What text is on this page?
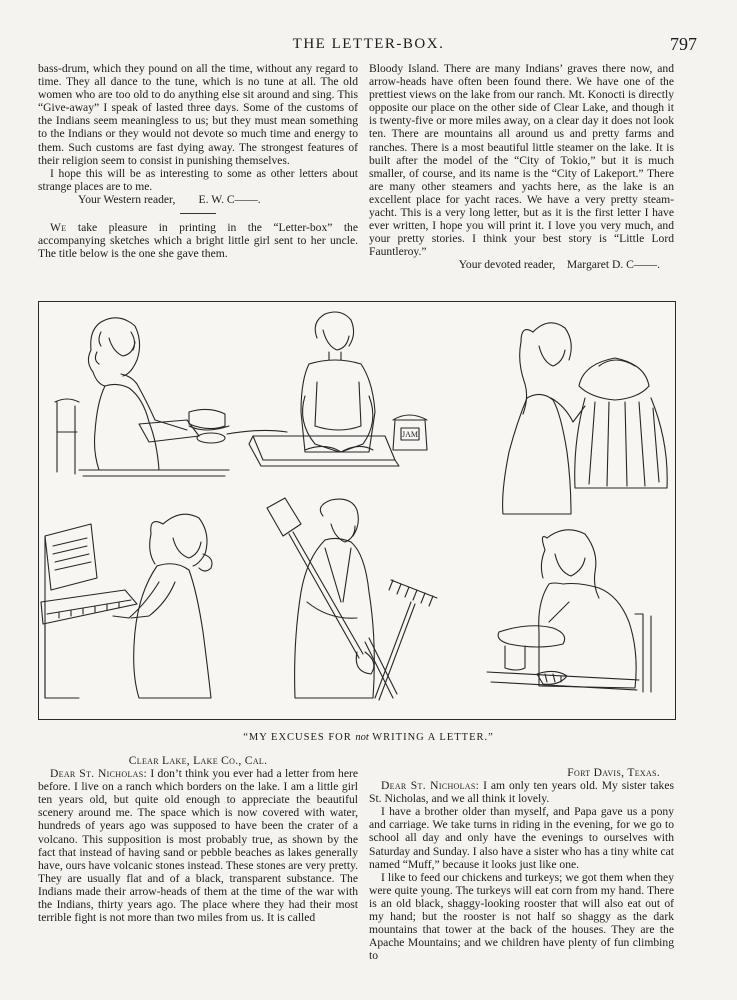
THE LETTER-BOX.	797

bass-drum, which they pound on all the time, without any regard to time. They all dance to the tune, which is no tune at all. The old women who are too old to do anything else sit around and sing. This “Give-away” I speak of lasted three days. Some of the customs of the Indians seem meaningless to us; but they must mean something to the Indians or they would not devote so much time and energy to them. Such customs are fast dying away. The strongest features of their religion seem to consist in punishing themselves.

I hope this will be as interesting to some as other letters about strange places are to me.

Your Western reader,  E. W. C——.

We take pleasure in printing in the “Letter-box” the accompanying sketches which a bright little girl sent to her uncle. The title below is the one she gave them.

Bloody Island. There are many Indians’ graves there now, and arrow-heads have often been found there. We have one of the prettiest views on the lake from our ranch. Mt. Konocti is directly opposite our place on the other side of Clear Lake, and though it is twenty-five or more miles away, on a clear day it does not look ten. There are mountains all around us and pretty farms and ranches. There is a most beautiful little steamer on the lake. It is built after the model of the “City of Tokio,” but it is much smaller, of course, and its name is the “City of Lakeport.” There are many other steamers and yachts here, as the lake is an excellent place for yacht races. We have a very pretty steam-yacht. This is a very long letter, but as it is the first letter I have ever written, I hope you will print it. I love you very much, and your pretty stories. I think your best story is “Little Lord Fauntleroy.”

Your devoted reader, Margaret D. C——.

JAM
“MY EXCUSES FOR not WRITING A LETTER.”

Clear Lake, Lake Co., Cal.

Dear St. Nicholas: I don’t think you ever had a letter from here before. I live on a ranch which borders on the lake. I am a little girl ten years old, but quite old enough to appreciate the beautiful scenery around me. The space which is now covered with water, hundreds of years ago was supposed to have been the crater of a volcano. This supposition is most probably true, as shown by the fact that instead of having sand or pebble beaches as lakes generally have, ours have volcanic stones instead. These stones are very pretty. They are usually flat and of a black, transparent substance. The Indians made their arrow-heads of them at the time of the war with the Indians, thirty years ago. The place where they had their most terrible fight is not more than two miles from us. It is called

Fort Davis, Texas.

Dear St. Nicholas: I am only ten years old. My sister takes St. Nicholas, and we all think it lovely.

I have a brother older than myself, and Papa gave us a pony and carriage. We take turns in riding in the evening, for we go to school all day and only have the evenings to ourselves with Saturday and Sunday. I also have a sister who has a tiny white cat named “Muff,” because it looks just like one.

I like to feed our chickens and turkeys; we got them when they were quite young. The turkeys will eat corn from my hand. There is an old black, shaggy-looking rooster that will also eat out of my hand; but the rooster is not half so shaggy as the dark mountains that tower at the back of the houses. They are the Apache Mountains; and we children have plenty of fun climbing to
